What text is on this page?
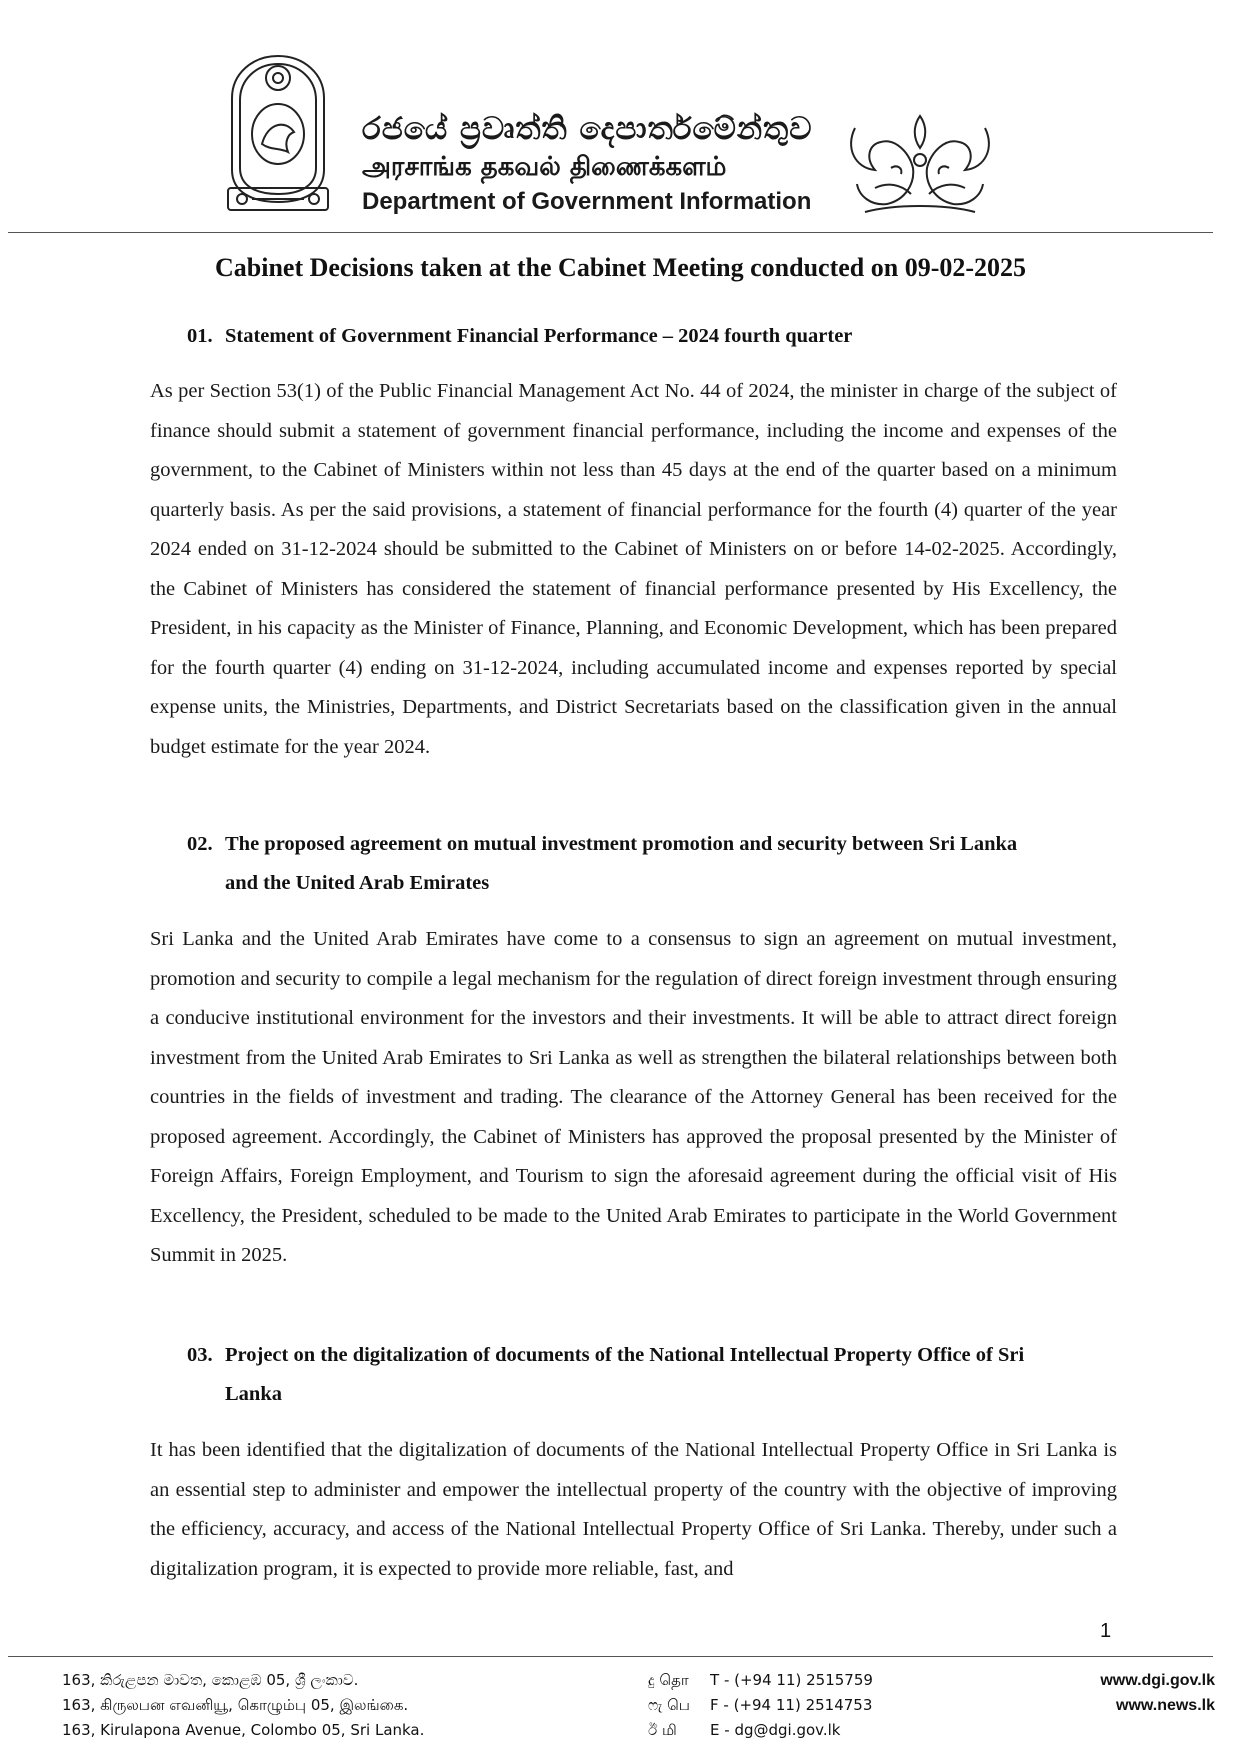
රජයේ ප්‍රවෘත්ති දෙපාර්තමේන්තුව
அரசாங்க தகவல் திணைக்களம்
Department of Government Information
Cabinet Decisions taken at the Cabinet Meeting conducted on 09-02-2025
01. Statement of Government Financial Performance – 2024 fourth quarter
As per Section 53(1) of the Public Financial Management Act No. 44 of 2024, the minister in charge of the subject of finance should submit a statement of government financial performance, including the income and expenses of the government, to the Cabinet of Ministers within not less than 45 days at the end of the quarter based on a minimum quarterly basis. As per the said provisions, a statement of financial performance for the fourth (4) quarter of the year 2024 ended on 31-12-2024 should be submitted to the Cabinet of Ministers on or before 14-02-2025. Accordingly, the Cabinet of Ministers has considered the statement of financial performance presented by His Excellency, the President, in his capacity as the Minister of Finance, Planning, and Economic Development, which has been prepared for the fourth quarter (4) ending on 31-12-2024, including accumulated income and expenses reported by special expense units, the Ministries, Departments, and District Secretariats based on the classification given in the annual budget estimate for the year 2024.
02. The proposed agreement on mutual investment promotion and security between Sri Lanka
and the United Arab Emirates
Sri Lanka and the United Arab Emirates have come to a consensus to sign an agreement on mutual investment, promotion and security to compile a legal mechanism for the regulation of direct foreign investment through ensuring a conducive institutional environment for the investors and their investments. It will be able to attract direct foreign investment from the United Arab Emirates to Sri Lanka as well as strengthen the bilateral relationships between both countries in the fields of investment and trading. The clearance of the Attorney General has been received for the proposed agreement. Accordingly, the Cabinet of Ministers has approved the proposal presented by the Minister of Foreign Affairs, Foreign Employment, and Tourism to sign the aforesaid agreement during the official visit of His Excellency, the President, scheduled to be made to the United Arab Emirates to participate in the World Government Summit in 2025.
03. Project on the digitalization of documents of the National Intellectual Property Office of Sri
Lanka
It has been identified that the digitalization of documents of the National Intellectual Property Office in Sri Lanka is an essential step to administer and empower the intellectual property of the country with the objective of improving the efficiency, accuracy, and access of the National Intellectual Property Office of Sri Lanka. Thereby, under such a digitalization program, it is expected to provide more reliable, fast, and
1
163, කිරුළපන මාවත, කොළඹ 05, ශ්‍රී ලංකාව.
163, கிருலபன எவனியூ, கொழும்பு 05, இலங்கை.
163, Kirulapona Avenue, Colombo 05, Sri Lanka.
දු தொ T - (+94 11) 2515759
ෆැ பெ F - (+94 11) 2514753
ඊ மி E - dg@dgi.gov.lk
www.dgi.gov.lk
www.news.lk
